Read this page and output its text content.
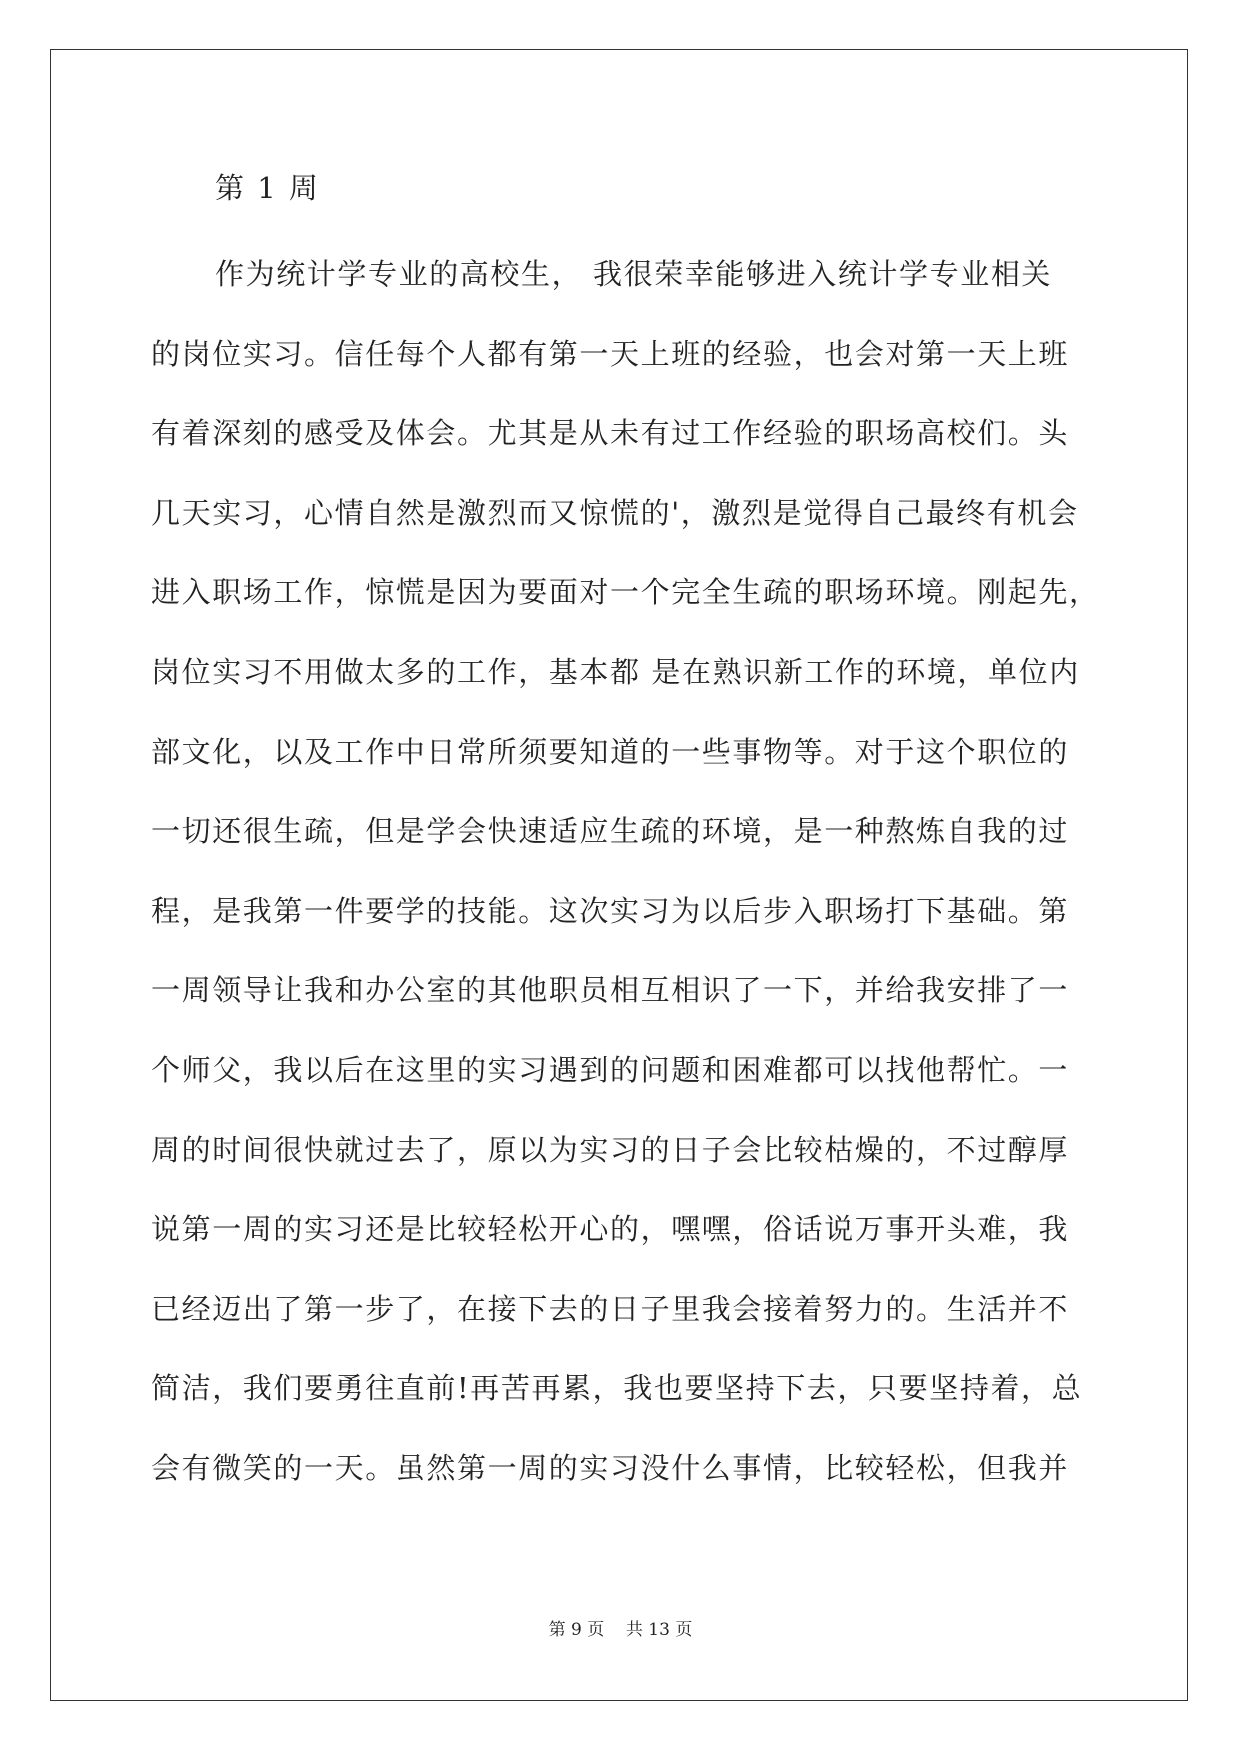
第 1 周
作为统计学专业的高校生， 我很荣幸能够进入统计学专业相关
的岗位实习。信任每个人都有第一天上班的经验，也会对第一天上班
有着深刻的感受及体会。尤其是从未有过工作经验的职场高校们。头
几天实习，心情自然是激烈而又惊慌的'，激烈是觉得自己最终有机会
进入职场工作，惊慌是因为要面对一个完全生疏的职场环境。刚起先，
岗位实习不用做太多的工作，基本都 是在熟识新工作的环境，单位内
部文化，以及工作中日常所须要知道的一些事物等。对于这个职位的
一切还很生疏，但是学会快速适应生疏的环境，是一种熬炼自我的过
程，是我第一件要学的技能。这次实习为以后步入职场打下基础。第
一周领导让我和办公室的其他职员相互相识了一下，并给我安排了一
个师父，我以后在这里的实习遇到的问题和困难都可以找他帮忙。一
周的时间很快就过去了，原以为实习的日子会比较枯燥的，不过醇厚
说第一周的实习还是比较轻松开心的，嘿嘿，俗话说万事开头难，我
已经迈出了第一步了，在接下去的日子里我会接着努力的。生活并不
简洁，我们要勇往直前!再苦再累，我也要坚持下去，只要坚持着，总
会有微笑的一天。虽然第一周的实习没什么事情，比较轻松，但我并
第 9 页    共 13 页
